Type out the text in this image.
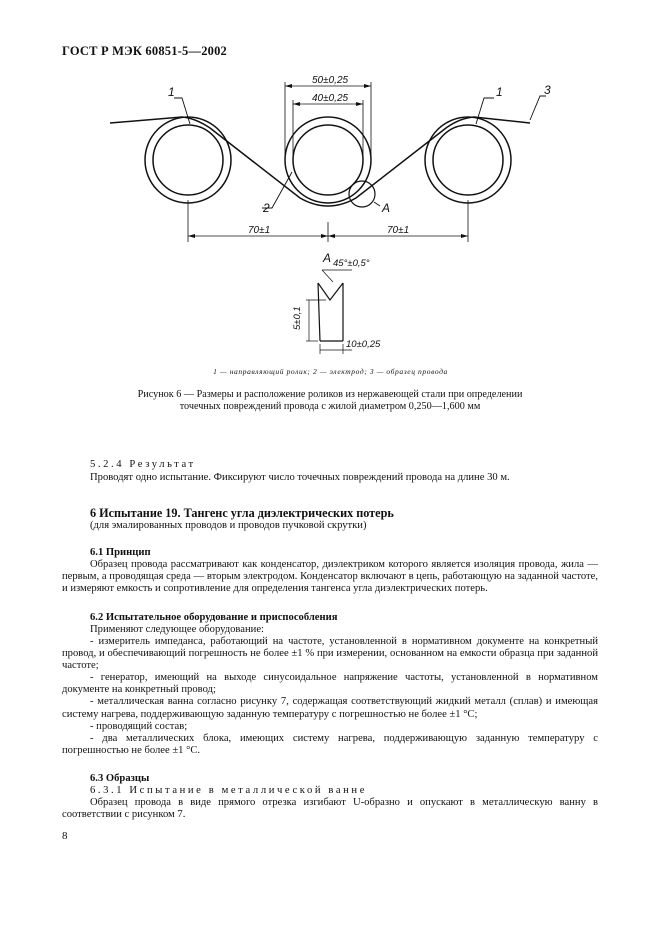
ГОСТ Р МЭК 60851-5—2002
50±0,25
40±0,25
70±1	70±1
1	1	3
2	A
A 45°±0,5°
5±0,1
10±0,25
1 — направляющий ролик; 2 — электрод; 3 — образец провода
Рисунок 6 — Размеры и расположение роликов из нержавеющей стали при определении
точечных повреждений провода с жилой диаметром 0,250—1,600 мм
5.2.4 Результат
Проводят одно испытание. Фиксируют число точечных повреждений провода на длине 30 м.
6 Испытание 19. Тангенс угла диэлектрических потерь
(для эмалированных проводов и проводов пучковой скрутки)
6.1 Принцип
Образец провода рассматривают как конденсатор, диэлектриком которого является изоляция провода, жила — первым, а проводящая среда — вторым электродом. Конденсатор включают в цепь, работающую на заданной частоте, и измеряют емкость и сопротивление для определения тангенса угла диэлектрических потерь.
6.2 Испытательное оборудование и приспособления
Применяют следующее оборудование:
- измеритель импеданса, работающий на частоте, установленной в нормативном документе на конкретный провод, и обеспечивающий погрешность не более ±1 % при измерении, основанном на емкости образца при заданной частоте;
- генератор, имеющий на выходе синусоидальное напряжение частоты, установленной в нормативном документе на конкретный провод;
- металлическая ванна согласно рисунку 7, содержащая соответствующий жидкий металл (сплав) и имеющая систему нагрева, поддерживающую заданную температуру с погрешностью не более ±1 °С;
- проводящий состав;
- два металлических блока, имеющих систему нагрева, поддерживающую заданную температуру с погрешностью не более ±1 °С.
6.3 Образцы
6.3.1 Испытание в металлической ванне
Образец провода в виде прямого отрезка изгибают U-образно и опускают в металлическую ванну в соответствии с рисунком 7.
8
